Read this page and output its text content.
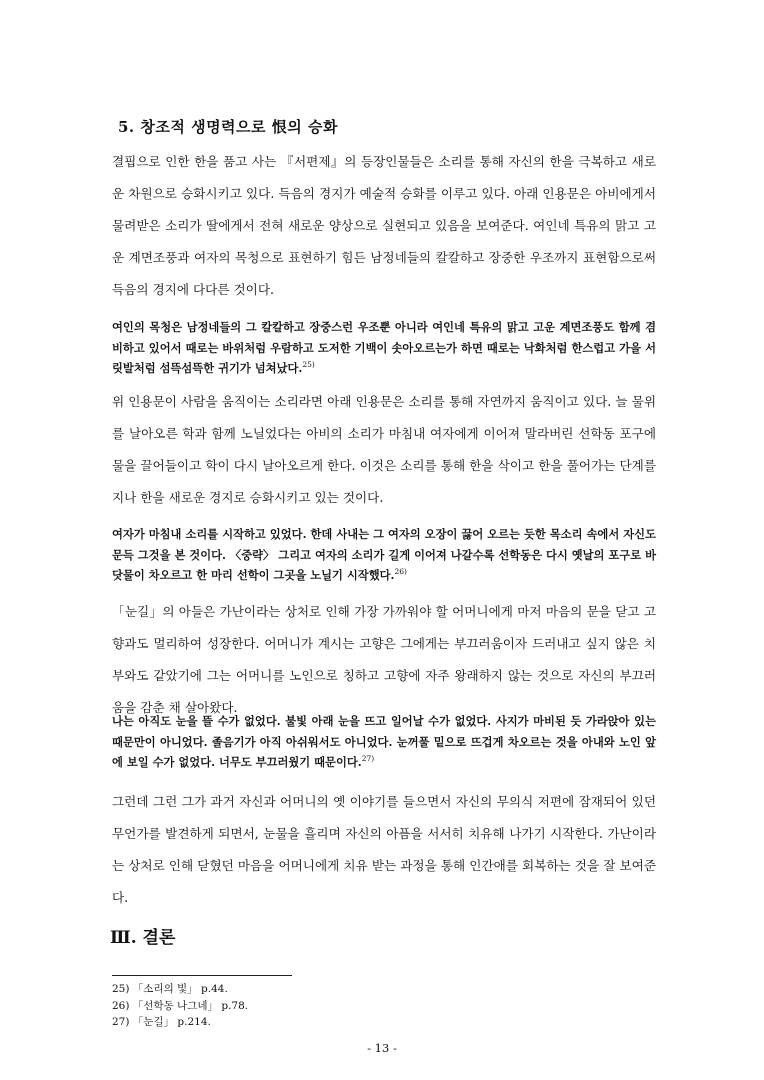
5. 창조적 생명력으로 恨의 승화

결핍으로 인한 한을 품고 사는 『서편제』의 등장인물들은 소리를 통해 자신의 한을 극복하고 새로운 차원으로 승화시키고 있다. 득음의 경지가 예술적 승화를 이루고 있다. 아래 인용문은 아비에게서 물려받은 소리가 딸에게서 전혀 새로운 양상으로 실현되고 있음을 보여준다. 여인네 특유의 맑고 고운 계면조풍과 여자의 목청으로 표현하기 힘든 남정네들의 칼칼하고 장중한 우조까지 표현함으로써 득음의 경지에 다다른 것이다.

여인의 목청은 남정네들의 그 칼칼하고 장중스런 우조뿐 아니라 여인네 특유의 맑고 고운 계면조풍도 함께 겸비하고 있어서 때로는 바위처럼 우람하고 도저한 기백이 솟아오르는가 하면 때로는 낙화처럼 한스럽고 가을 서릿발처럼 섬뜩섬뜩한 귀기가 넘쳐났다.$^{25)}$

위 인용문이 사람을 움직이는 소리라면 아래 인용문은 소리를 통해 자연까지 움직이고 있다. 늘 물위를 날아오른 학과 함께 노닐었다는 아비의 소리가 마침내 여자에게 이어져 말라버린 선학동 포구에 물을 끌어들이고 학이 다시 날아오르게 한다. 이것은 소리를 통해 한을 삭이고 한을 풀어가는 단계를 지나 한을 새로운 경지로 승화시키고 있는 것이다.

여자가 마침내 소리를 시작하고 있었다. 한데 사내는 그 여자의 오장이 끓어 오르는 듯한 목소리 속에서 자신도 문득 그것을 본 것이다. 〈중략〉 그리고 여자의 소리가 길게 이어져 나갈수록 선학동은 다시 옛날의 포구로 바닷물이 차오르고 한 마리 선학이 그곳을 노닐기 시작했다.$^{26)}$

「눈길」의 아들은 가난이라는 상처로 인해 가장 가까워야 할 어머니에게 마저 마음의 문을 닫고 고향과도 멀리하여 성장한다. 어머니가 계시는 고향은 그에게는 부끄러움이자 드러내고 싶지 않은 치부와도 같았기에 그는 어머니를 노인으로 칭하고 고향에 자주 왕래하지 않는 것으로 자신의 부끄러움을 감춘 채 살아왔다.

나는 아직도 눈을 뜰 수가 없었다. 불빛 아래 눈을 뜨고 일어날 수가 없었다. 사지가 마비된 듯 가라앉아 있는 때문만이 아니었다. 졸음기가 아직 아쉬워서도 아니었다. 눈꺼풀 밑으로 뜨겁게 차오르는 것을 아내와 노인 앞에 보일 수가 없었다. 너무도 부끄러웠기 때문이다.$^{27)}$

그런데 그런 그가 과거 자신과 어머니의 옛 이야기를 들으면서 자신의 무의식 저편에 잠재되어 있던 무언가를 발견하게 되면서, 눈물을 흘리며 자신의 아픔을 서서히 치유해 나가기 시작한다. 가난이라는 상처로 인해 닫혔던 마음을 어머니에게 치유 받는 과정을 통해 인간애를 회복하는 것을 잘 보여준다.

Ⅲ. 결론
25) 「소리의 빛」 p.44.
26) 「선학동 나그네」 p.78.
27) 「눈길」 p.214.
- 13 -
